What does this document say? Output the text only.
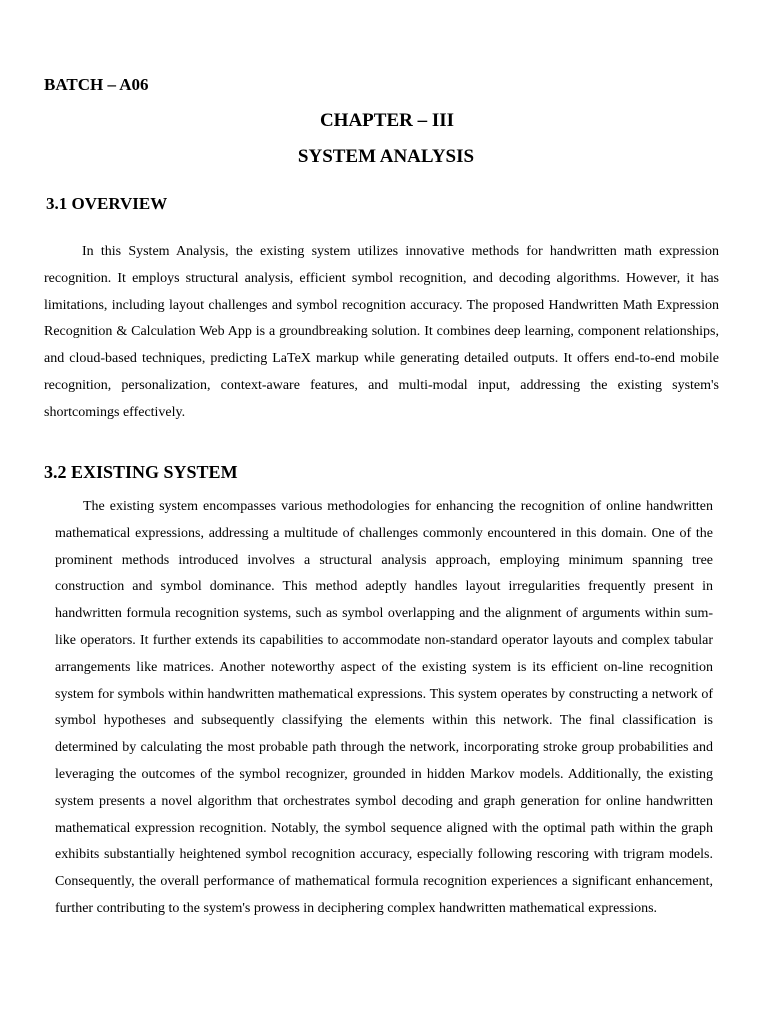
BATCH – A06

CHAPTER – III
SYSTEM ANALYSIS
3.1 OVERVIEW

In this System Analysis, the existing system utilizes innovative methods for handwritten math expression recognition. It employs structural analysis, efficient symbol recognition, and decoding algorithms. However, it has limitations, including layout challenges and symbol recognition accuracy. The proposed Handwritten Math Expression Recognition & Calculation Web App is a groundbreaking solution. It combines deep learning, component relationships, and cloud-based techniques, predicting LaTeX markup while generating detailed outputs. It offers end-to-end mobile recognition, personalization, context-aware features, and multi-modal input, addressing the existing system's shortcomings effectively.

3.2 EXISTING SYSTEM

The existing system encompasses various methodologies for enhancing the recognition of online handwritten mathematical expressions, addressing a multitude of challenges commonly encountered in this domain. One of the prominent methods introduced involves a structural analysis approach, employing minimum spanning tree construction and symbol dominance. This method adeptly handles layout irregularities frequently present in handwritten formula recognition systems, such as symbol overlapping and the alignment of arguments within sum-like operators. It further extends its capabilities to accommodate non-standard operator layouts and complex tabular arrangements like matrices. Another noteworthy aspect of the existing system is its efficient on-line recognition system for symbols within handwritten mathematical expressions. This system operates by constructing a network of symbol hypotheses and subsequently classifying the elements within this network. The final classification is determined by calculating the most probable path through the network, incorporating stroke group probabilities and leveraging the outcomes of the symbol recognizer, grounded in hidden Markov models. Additionally, the existing system presents a novel algorithm that orchestrates symbol decoding and graph generation for online handwritten mathematical expression recognition. Notably, the symbol sequence aligned with the optimal path within the graph exhibits substantially heightened symbol recognition accuracy, especially following rescoring with trigram models. Consequently, the overall performance of mathematical formula recognition experiences a significant enhancement, further contributing to the system's prowess in deciphering complex handwritten mathematical expressions.
